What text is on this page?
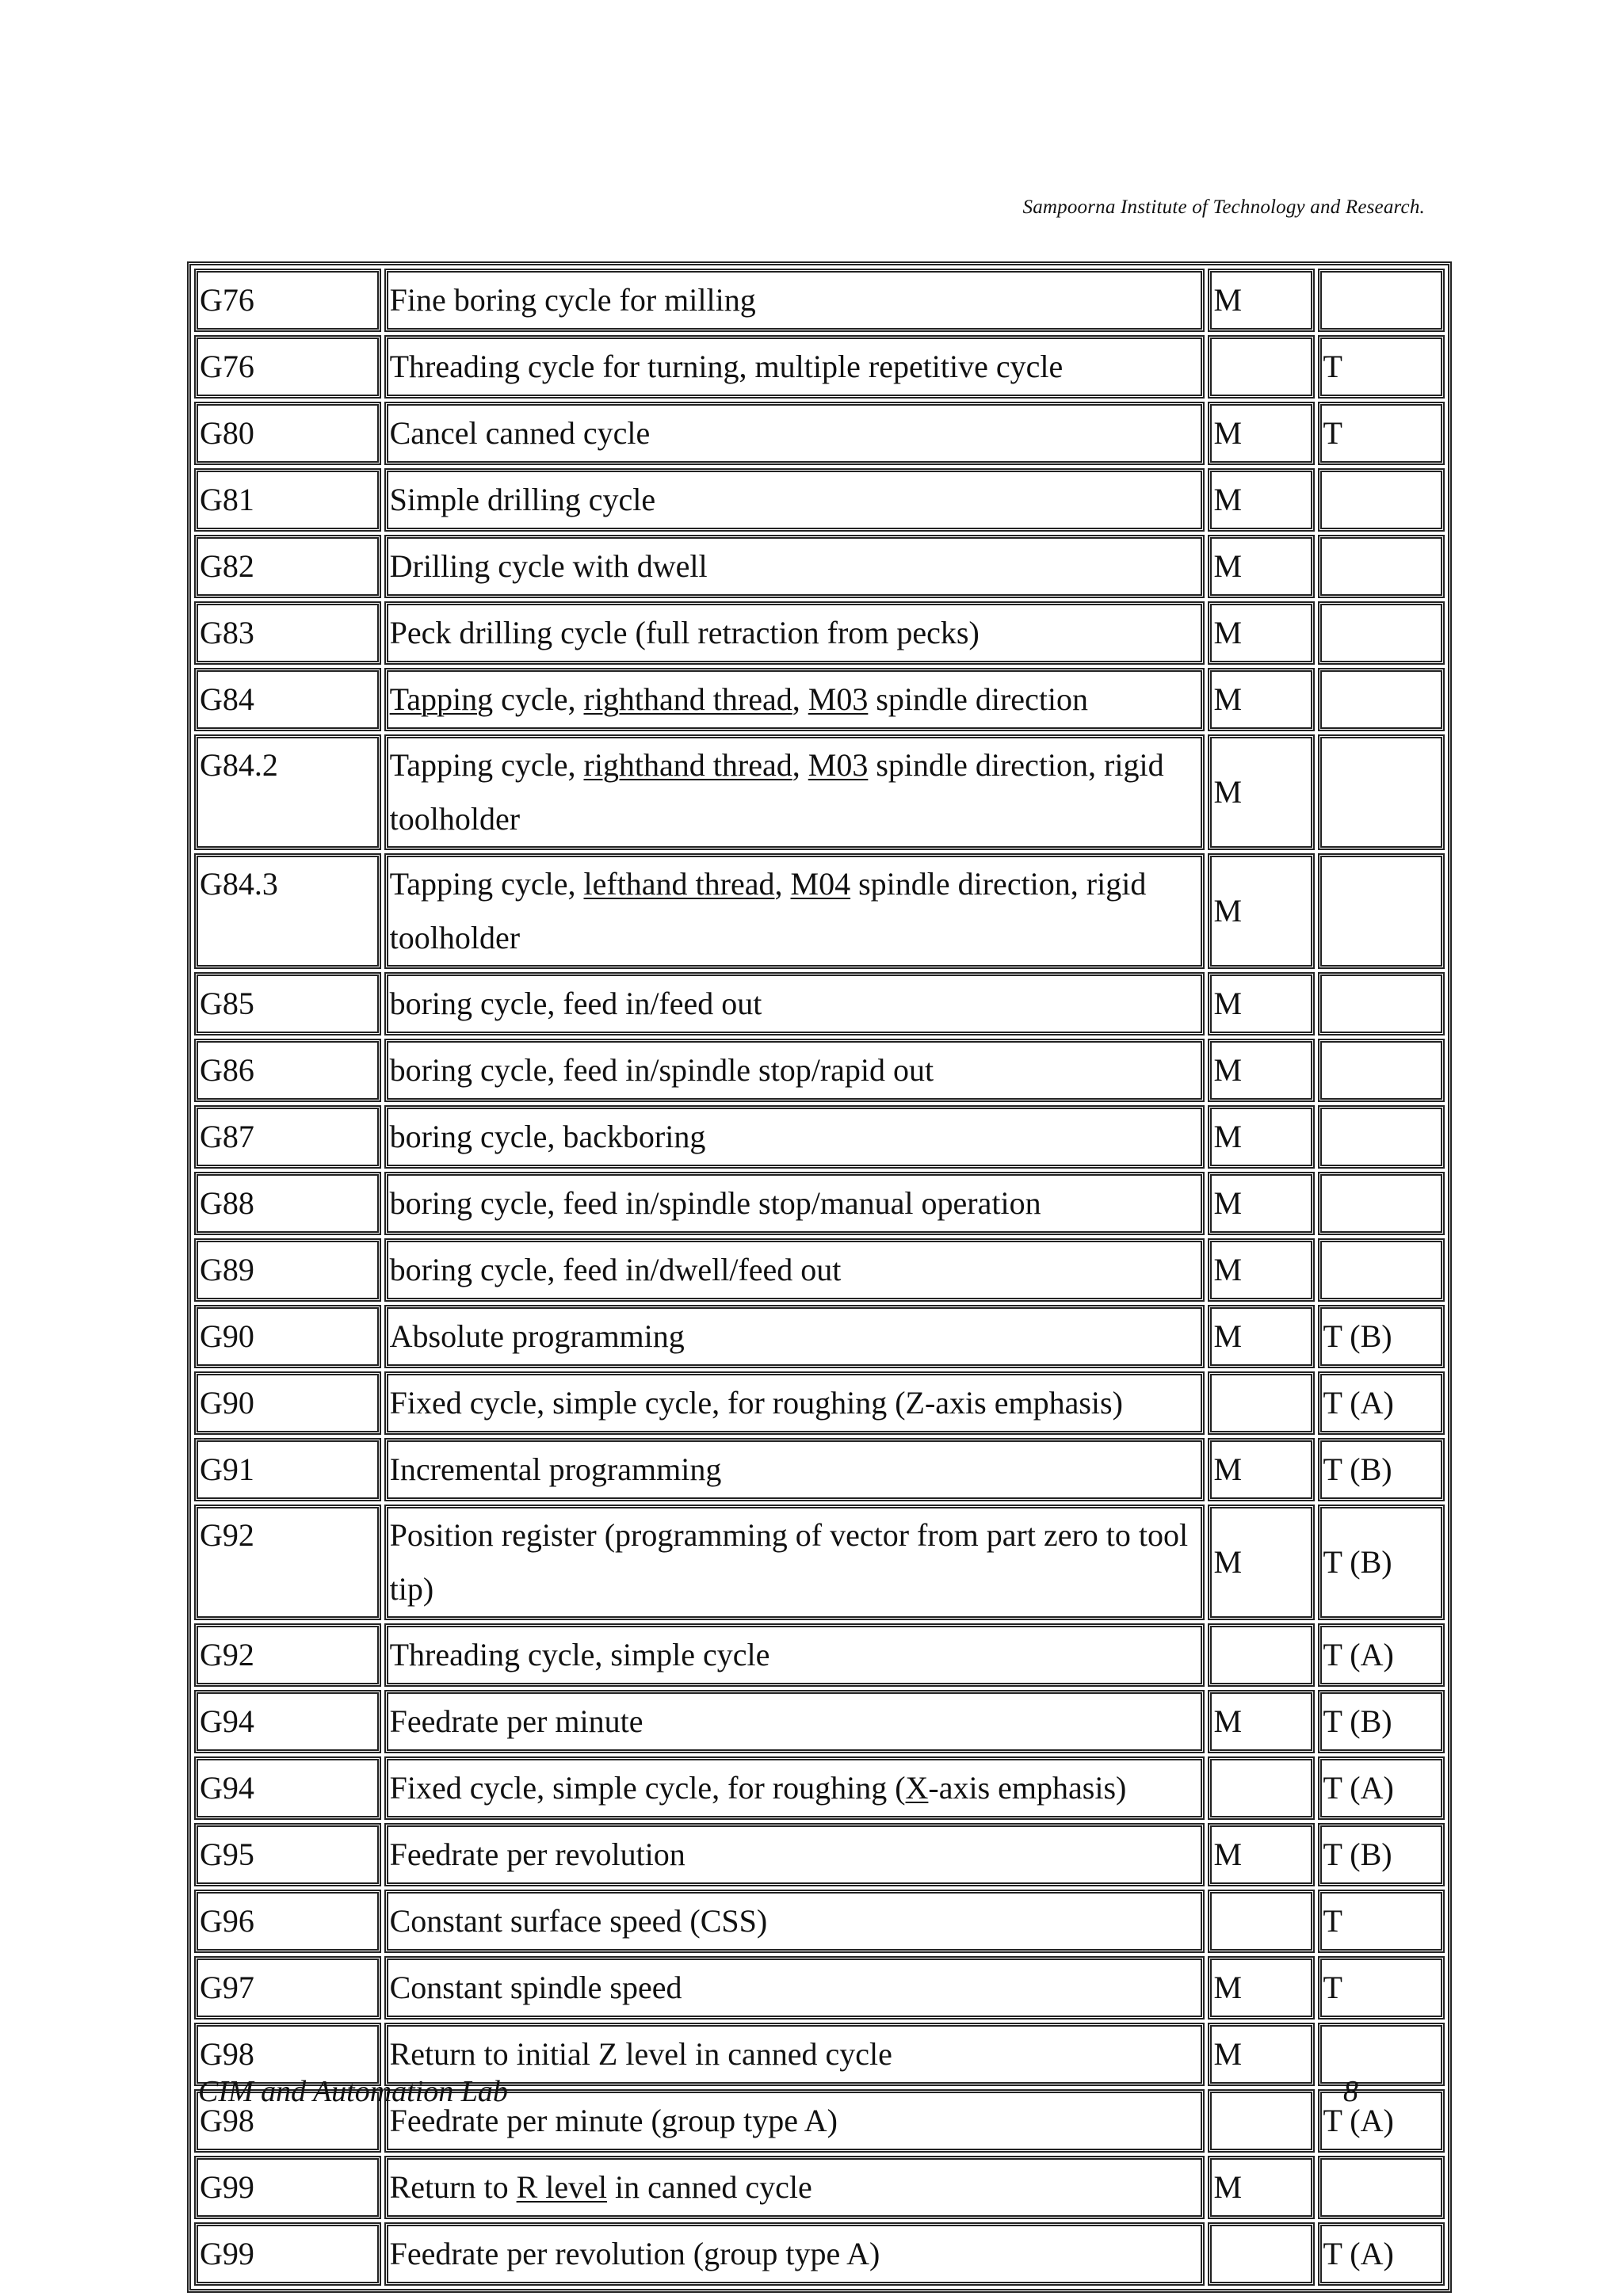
Sampoorna Institute of Technology and Research.
G76	Fine boring cycle for milling	M	
G76	Threading cycle for turning, multiple repetitive cycle		T
G80	Cancel canned cycle	M	T
G81	Simple drilling cycle	M	
G82	Drilling cycle with dwell	M	
G83	Peck drilling cycle (full retraction from pecks)	M	
G84	Tapping cycle, righthand thread, M03 spindle direction	M	
G84.2	Tapping cycle, righthand thread, M03 spindle direction, rigid toolholder	M	
G84.3	Tapping cycle, lefthand thread, M04 spindle direction, rigid toolholder	M	
G85	boring cycle, feed in/feed out	M	
G86	boring cycle, feed in/spindle stop/rapid out	M	
G87	boring cycle, backboring	M	
G88	boring cycle, feed in/spindle stop/manual operation	M	
G89	boring cycle, feed in/dwell/feed out	M	
G90	Absolute programming	M	T (B)
G90	Fixed cycle, simple cycle, for roughing (Z-axis emphasis)		T (A)
G91	Incremental programming	M	T (B)
G92	Position register (programming of vector from part zero to tool tip)	M	T (B)
G92	Threading cycle, simple cycle		T (A)
G94	Feedrate per minute	M	T (B)
G94	Fixed cycle, simple cycle, for roughing (X-axis emphasis)		T (A)
G95	Feedrate per revolution	M	T (B)
G96	Constant surface speed (CSS)		T
G97	Constant spindle speed	M	T
G98	Return to initial Z level in canned cycle	M	
G98	Feedrate per minute (group type A)		T (A)
G99	Return to R level in canned cycle	M	
G99	Feedrate per revolution (group type A)		T (A)
CIM and Automation Lab	8
